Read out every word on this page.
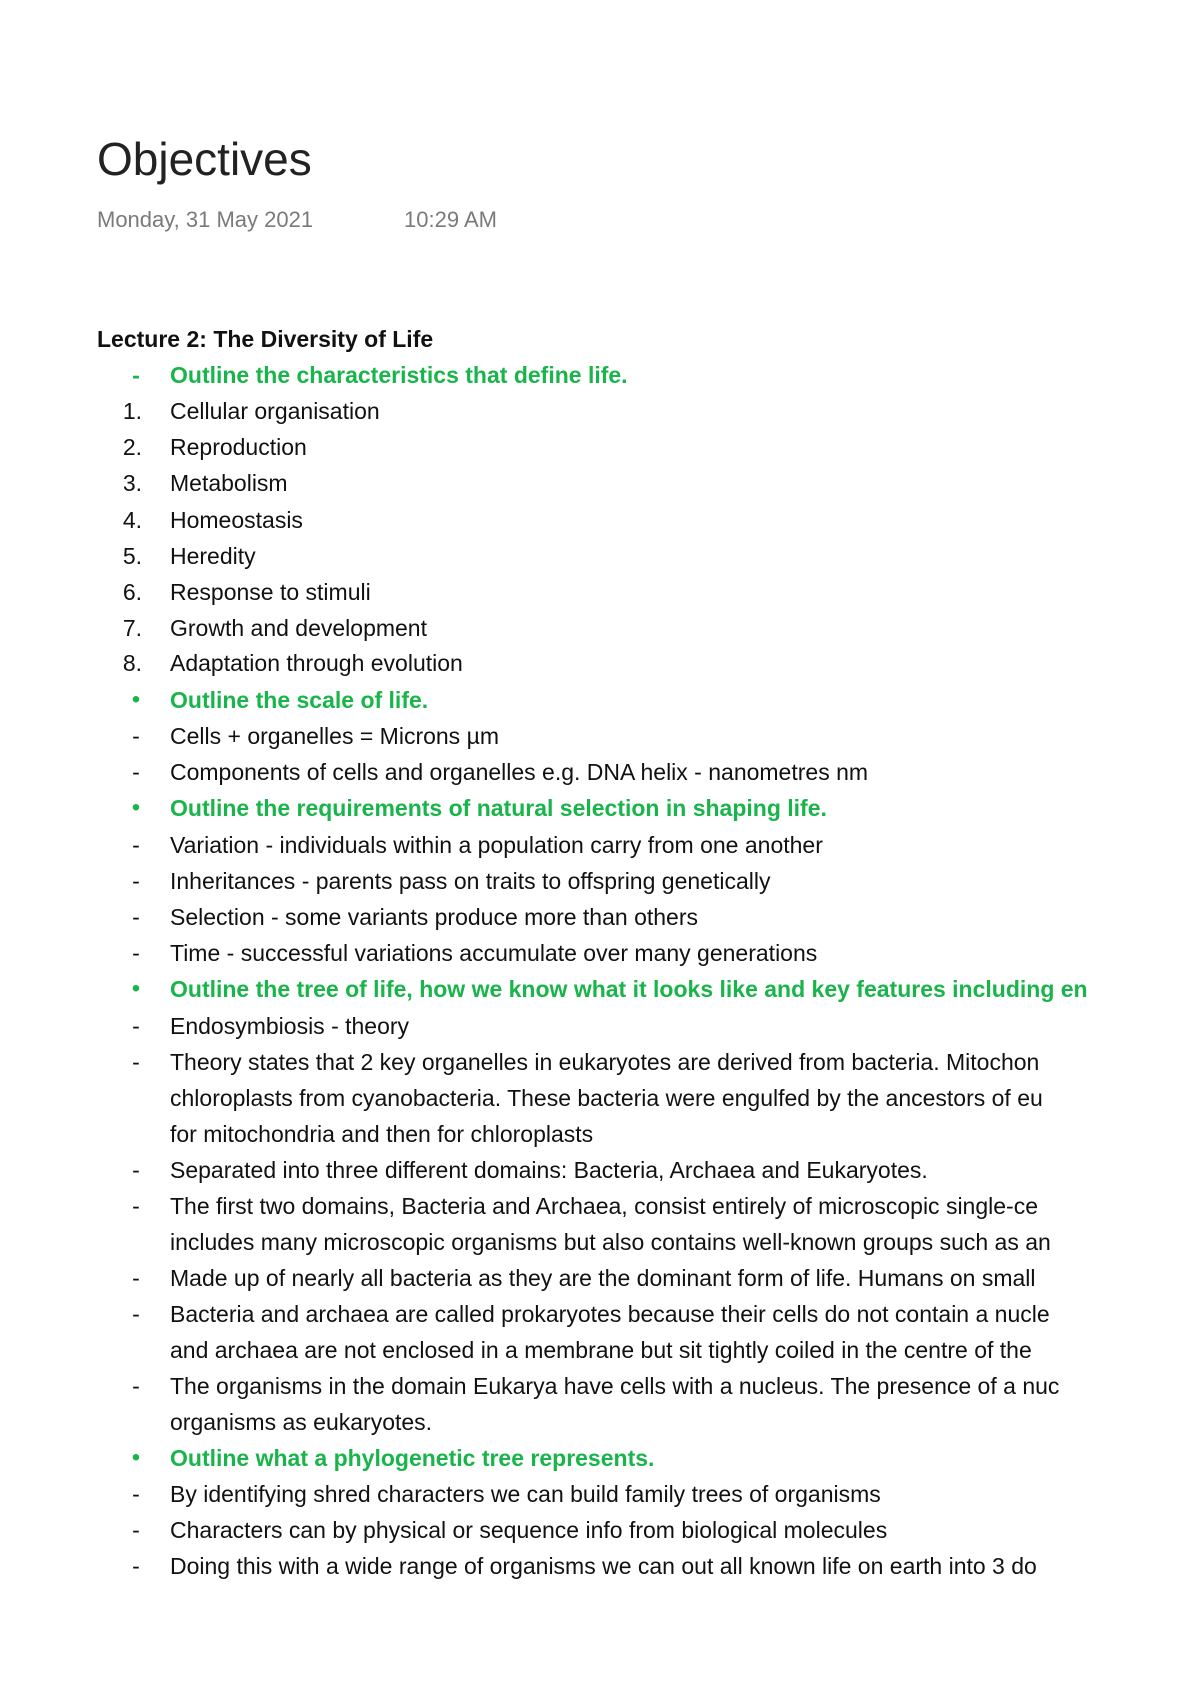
Objectives
Monday, 31 May 2021	10:29 AM
Lecture 2: The Diversity of Life
-	Outline the characteristics that define life.
1. Cellular organisation
2. Reproduction
3. Metabolism
4. Homeostasis
5. Heredity
6. Response to stimuli
7. Growth and development
8. Adaptation through evolution
•	Outline the scale of life.
-	Cells + organelles = Microns µm
-	Components of cells and organelles e.g. DNA helix - nanometres nm
•	Outline the requirements of natural selection in shaping life.
-	Variation - individuals within a population carry from one another
-	Inheritances - parents pass on traits to offspring genetically
-	Selection - some variants produce more than others
-	Time - successful variations accumulate over many generations
•	Outline the tree of life, how we know what it looks like and key features including en
-	Endosymbiosis - theory
-	Theory states that 2 key organelles in eukaryotes are derived from bacteria. Mitochon
chloroplasts from cyanobacteria. These bacteria were engulfed by the ancestors of eu
for mitochondria and then for chloroplasts
-	Separated into three different domains: Bacteria, Archaea and Eukaryotes.
-	The first two domains, Bacteria and Archaea, consist entirely of microscopic single-ce
includes many microscopic organisms but also contains well-known groups such as an
-	Made up of nearly all bacteria as they are the dominant form of life. Humans on small
-	Bacteria and archaea are called prokaryotes because their cells do not contain a nucle
and archaea are not enclosed in a membrane but sit tightly coiled in the centre of the
-	The organisms in the domain Eukarya have cells with a nucleus. The presence of a nuc
organisms as eukaryotes.
•	Outline what a phylogenetic tree represents.
-	By identifying shred characters we can build family trees of organisms
-	Characters can by physical or sequence info from biological molecules
-	Doing this with a wide range of organisms we can out all known life on earth into 3 do
